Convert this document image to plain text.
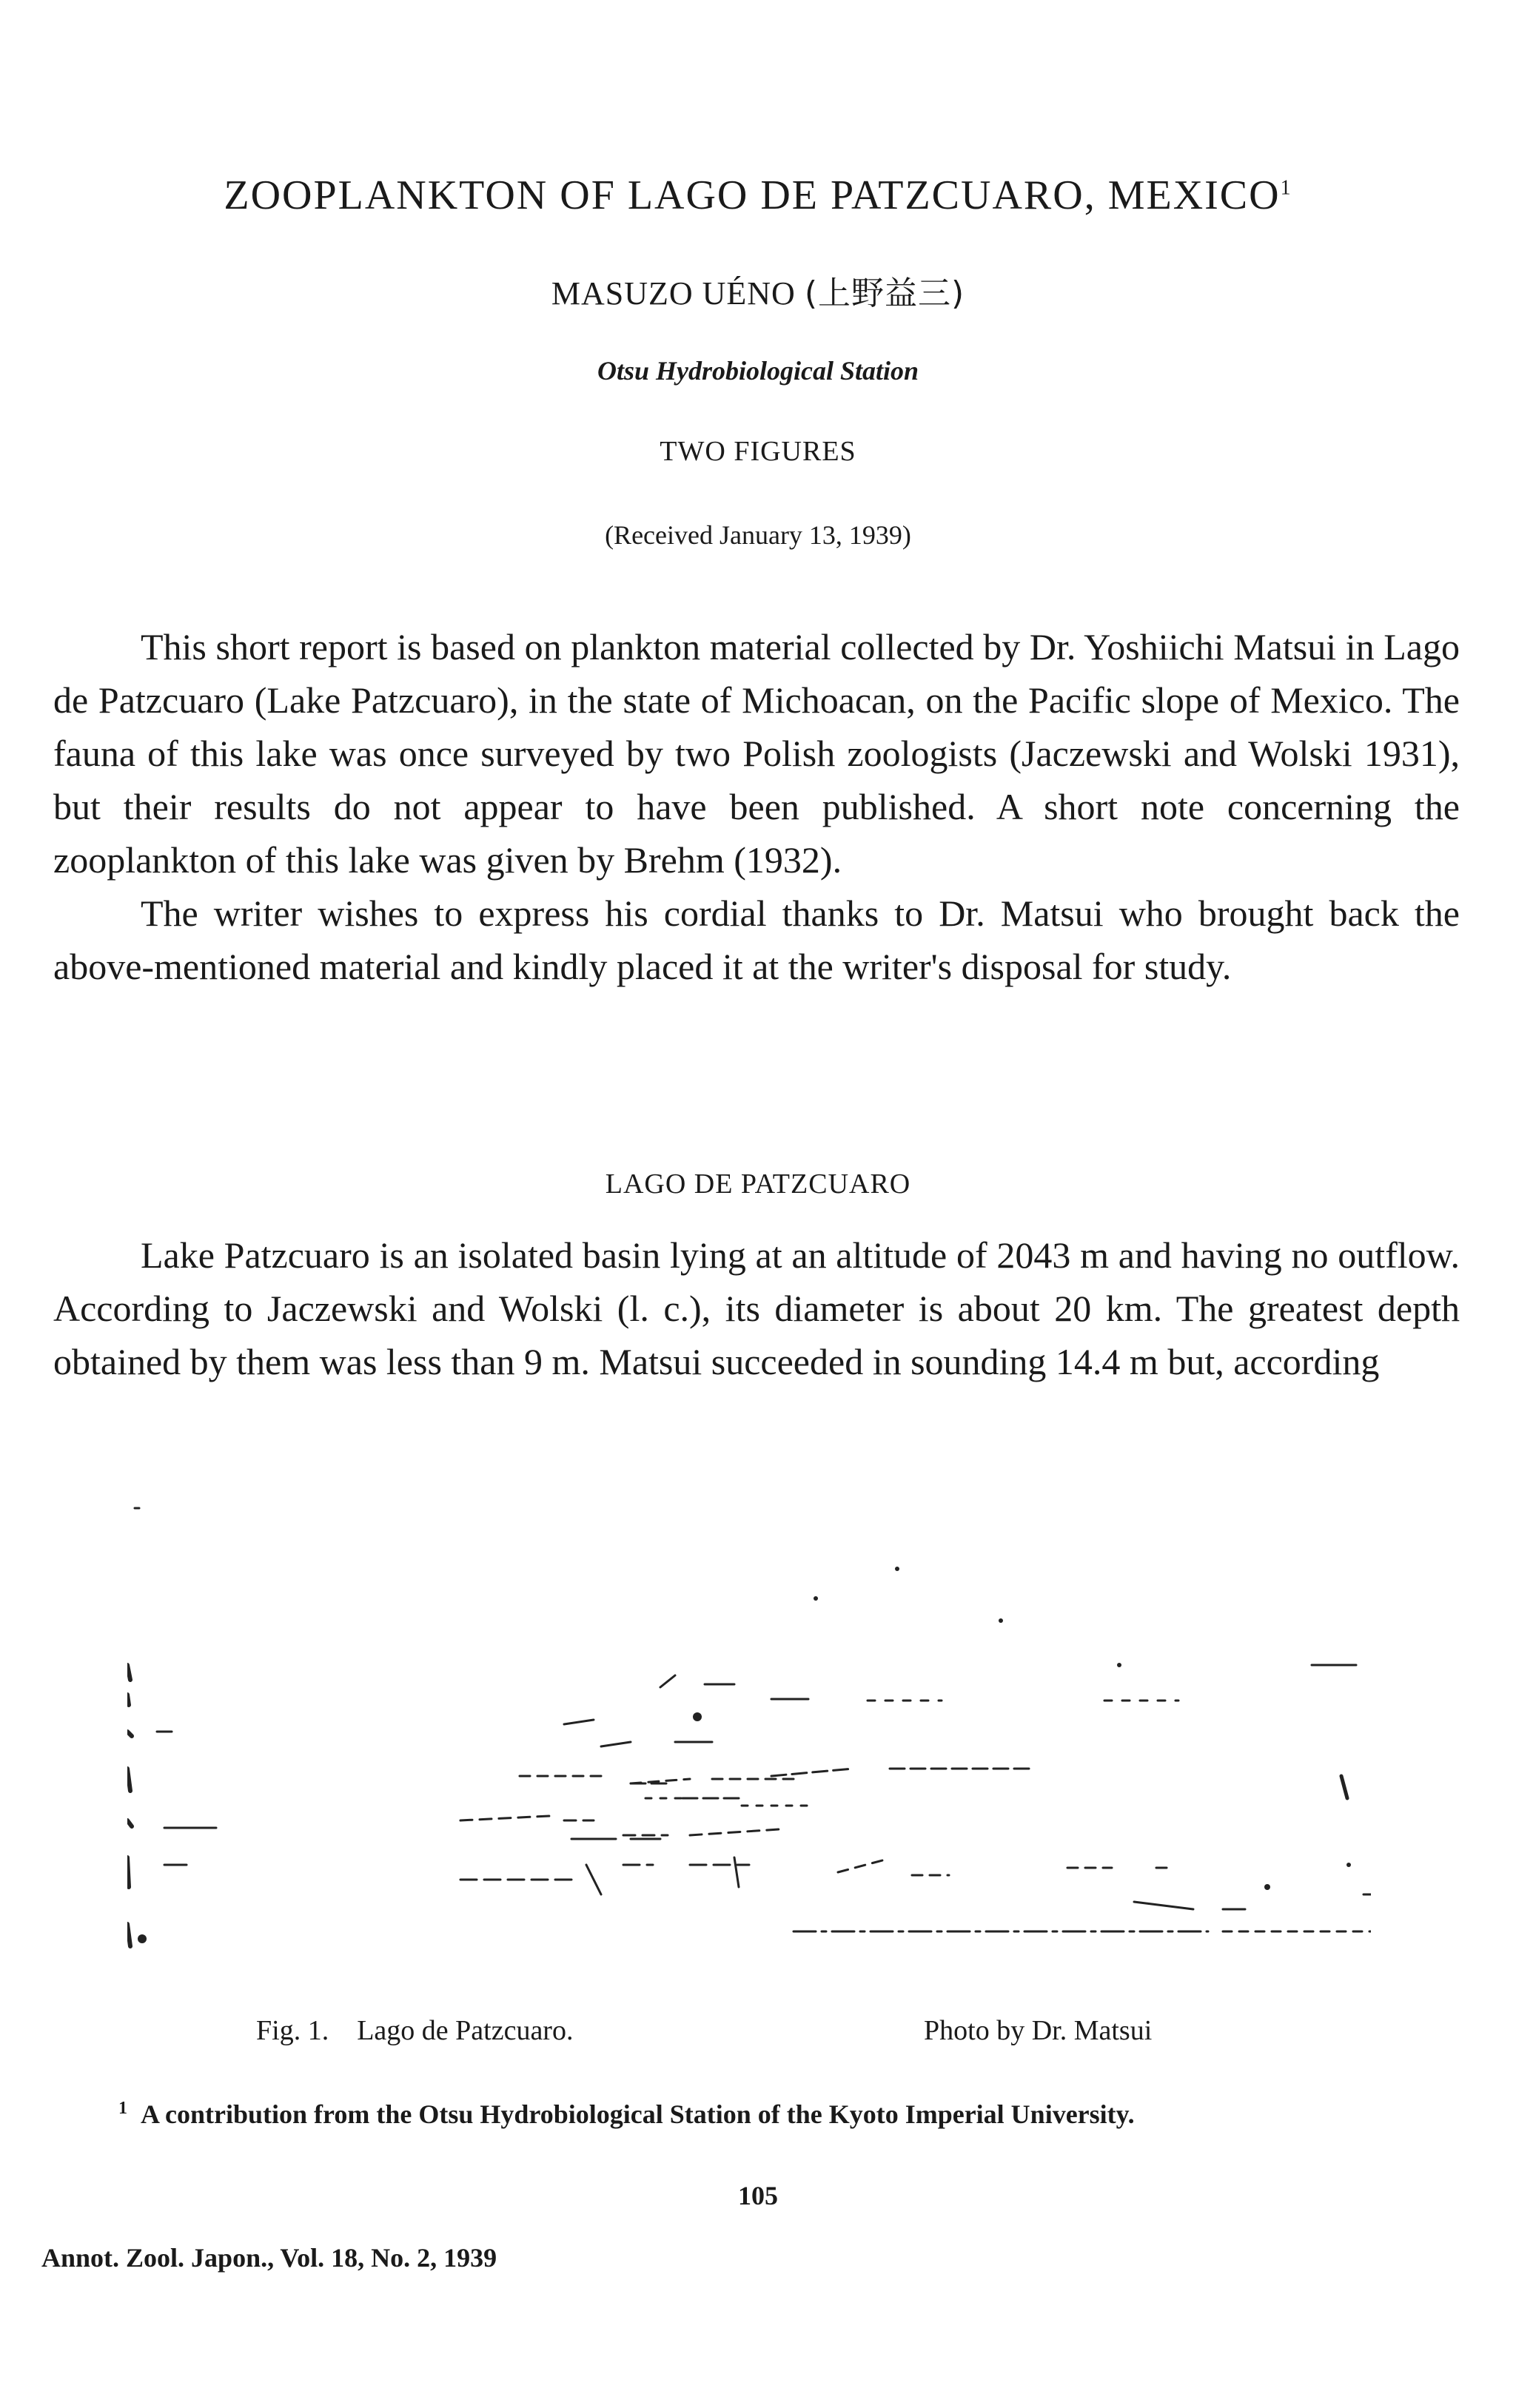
ZOOPLANKTON OF LAGO DE PATZCUARO, MEXICO$^1$
MASUZO UÉNO (上野益三)
Otsu Hydrobiological Station
TWO FIGURES
(Received January 13, 1939)

This short report is based on plankton material collected by Dr. Yoshiichi Matsui in Lago de Patzcuaro (Lake Patzcuaro), in the state of Michoacan, on the Pacific slope of Mexico. The fauna of this lake was once surveyed by two Polish zoologists (Jaczewski and Wolski 1931), but their results do not appear to have been published. A short note concerning the zooplankton of this lake was given by Brehm (1932).

The writer wishes to express his cordial thanks to Dr. Matsui who brought back the above-mentioned material and kindly placed it at the writer's disposal for study.

LAGO DE PATZCUARO

Lake Patzcuaro is an isolated basin lying at an altitude of 2043 m and having no outflow. According to Jaczewski and Wolski (l. c.), its diameter is about 20 km. The greatest depth obtained by them was less than 9 m. Matsui succeeded in sounding 14.4 m but, according

Fig. 1. Lago de Patzcuaro.	Photo by Dr. Matsui
$^1$ A contribution from the Otsu Hydrobiological Station of the Kyoto Imperial University.
105
Annot. Zool. Japon., Vol. 18, No. 2, 1939
